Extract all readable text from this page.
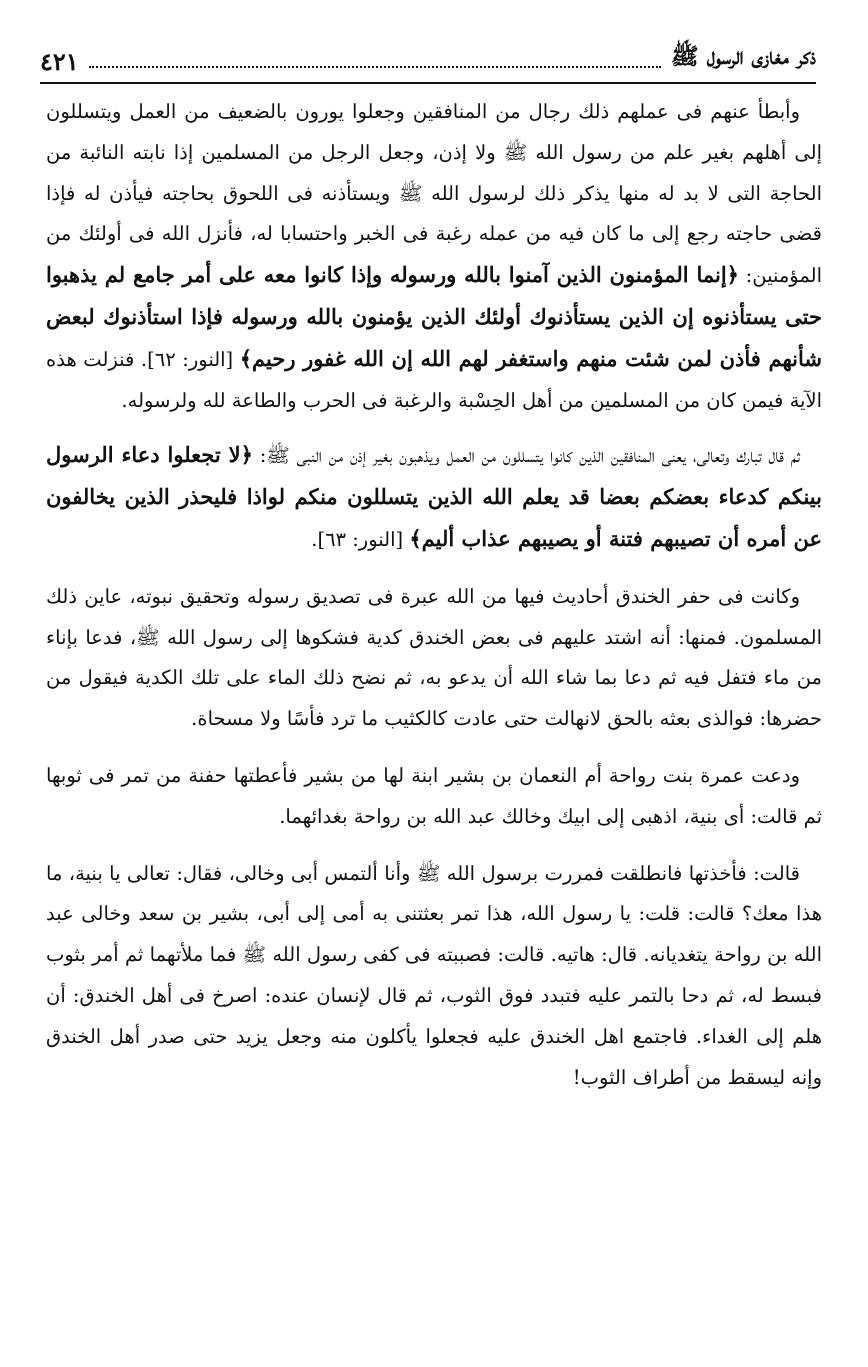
ذكر مغازى الرسول ﷺ
٤٢١

وأبطأ عنهم فى عملهم ذلك رجال من المنافقين وجعلوا يورون بالضعيف من العمل ويتسللون إلى أهلهم بغير علم من رسول الله ﷺ ولا إذن، وجعل الرجل من المسلمين إذا نابته النائبة من الحاجة التى لا بد له منها يذكر ذلك لرسول الله ﷺ ويستأذنه فى اللحوق بحاجته فيأذن له فإذا قضى حاجته رجع إلى ما كان فيه من عمله رغبة فى الخبر واحتسابا له، فأنزل الله فى أولئك من المؤمنين: ﴿إنما المؤمنون الذين آمنوا بالله ورسوله وإذا كانوا معه على أمر جامع لم يذهبوا حتى يستأذنوه إن الذين يستأذنوك أولئك الذين يؤمنون بالله ورسوله فإذا استأذنوك لبعض شأنهم فأذن لمن شئت منهم واستغفر لهم الله إن الله غفور رحيم﴾ [النور: ٦٢]. فنزلت هذه الآية فيمن كان من المسلمين من أهل الحِسْبة والرغبة فى الحرب والطاعة لله ولرسوله.

ثم قال تبارك وتعالى، يعنى المنافقين الذين كانوا يتسللون من العمل ويذهبون بغير إذن من النبى ﷺ: ﴿لا تجعلوا دعاء الرسول بينكم كدعاء بعضكم بعضا قد يعلم الله الذين يتسللون منكم لواذا فليحذر الذين يخالفون عن أمره أن تصيبهم فتنة أو يصيبهم عذاب أليم﴾ [النور: ٦٣].

وكانت فى حفر الخندق أحاديث فيها من الله عبرة فى تصديق رسوله وتحقيق نبوته، عاين ذلك المسلمون. فمنها: أنه اشتد عليهم فى بعض الخندق كدية فشكوها إلى رسول الله ﷺ، فدعا بإناء من ماء فتفل فيه ثم دعا بما شاء الله أن يدعو به، ثم نضح ذلك الماء على تلك الكدية فيقول من حضرها: فوالذى بعثه بالحق لانهالت حتى عادت كالكثيب ما ترد فأسًا ولا مسحاة.

ودعت عمرة بنت رواحة أم النعمان بن بشير ابنة لها من بشير فأعطتها حفنة من تمر فى ثوبها ثم قالت: أى بنية، اذهبى إلى ابيك وخالك عبد الله بن رواحة بغدائهما.

قالت: فأخذتها فانطلقت فمررت برسول الله ﷺ وأنا ألتمس أبى وخالى، فقال: تعالى يا بنية، ما هذا معك؟ قالت: قلت: يا رسول الله، هذا تمر بعثتنى به أمى إلى أبى، بشير بن سعد وخالى عبد الله بن رواحة يتغديانه. قال: هاتيه. قالت: فصببته فى كفى رسول الله ﷺ فما ملأتهما ثم أمر بثوب فبسط له، ثم دحا بالتمر عليه فتبدد فوق الثوب، ثم قال لإنسان عنده: اصرخ فى أهل الخندق: أن هلم إلى الغداء. فاجتمع اهل الخندق عليه فجعلوا يأكلون منه وجعل يزيد حتى صدر أهل الخندق وإنه ليسقط من أطراف الثوب!
